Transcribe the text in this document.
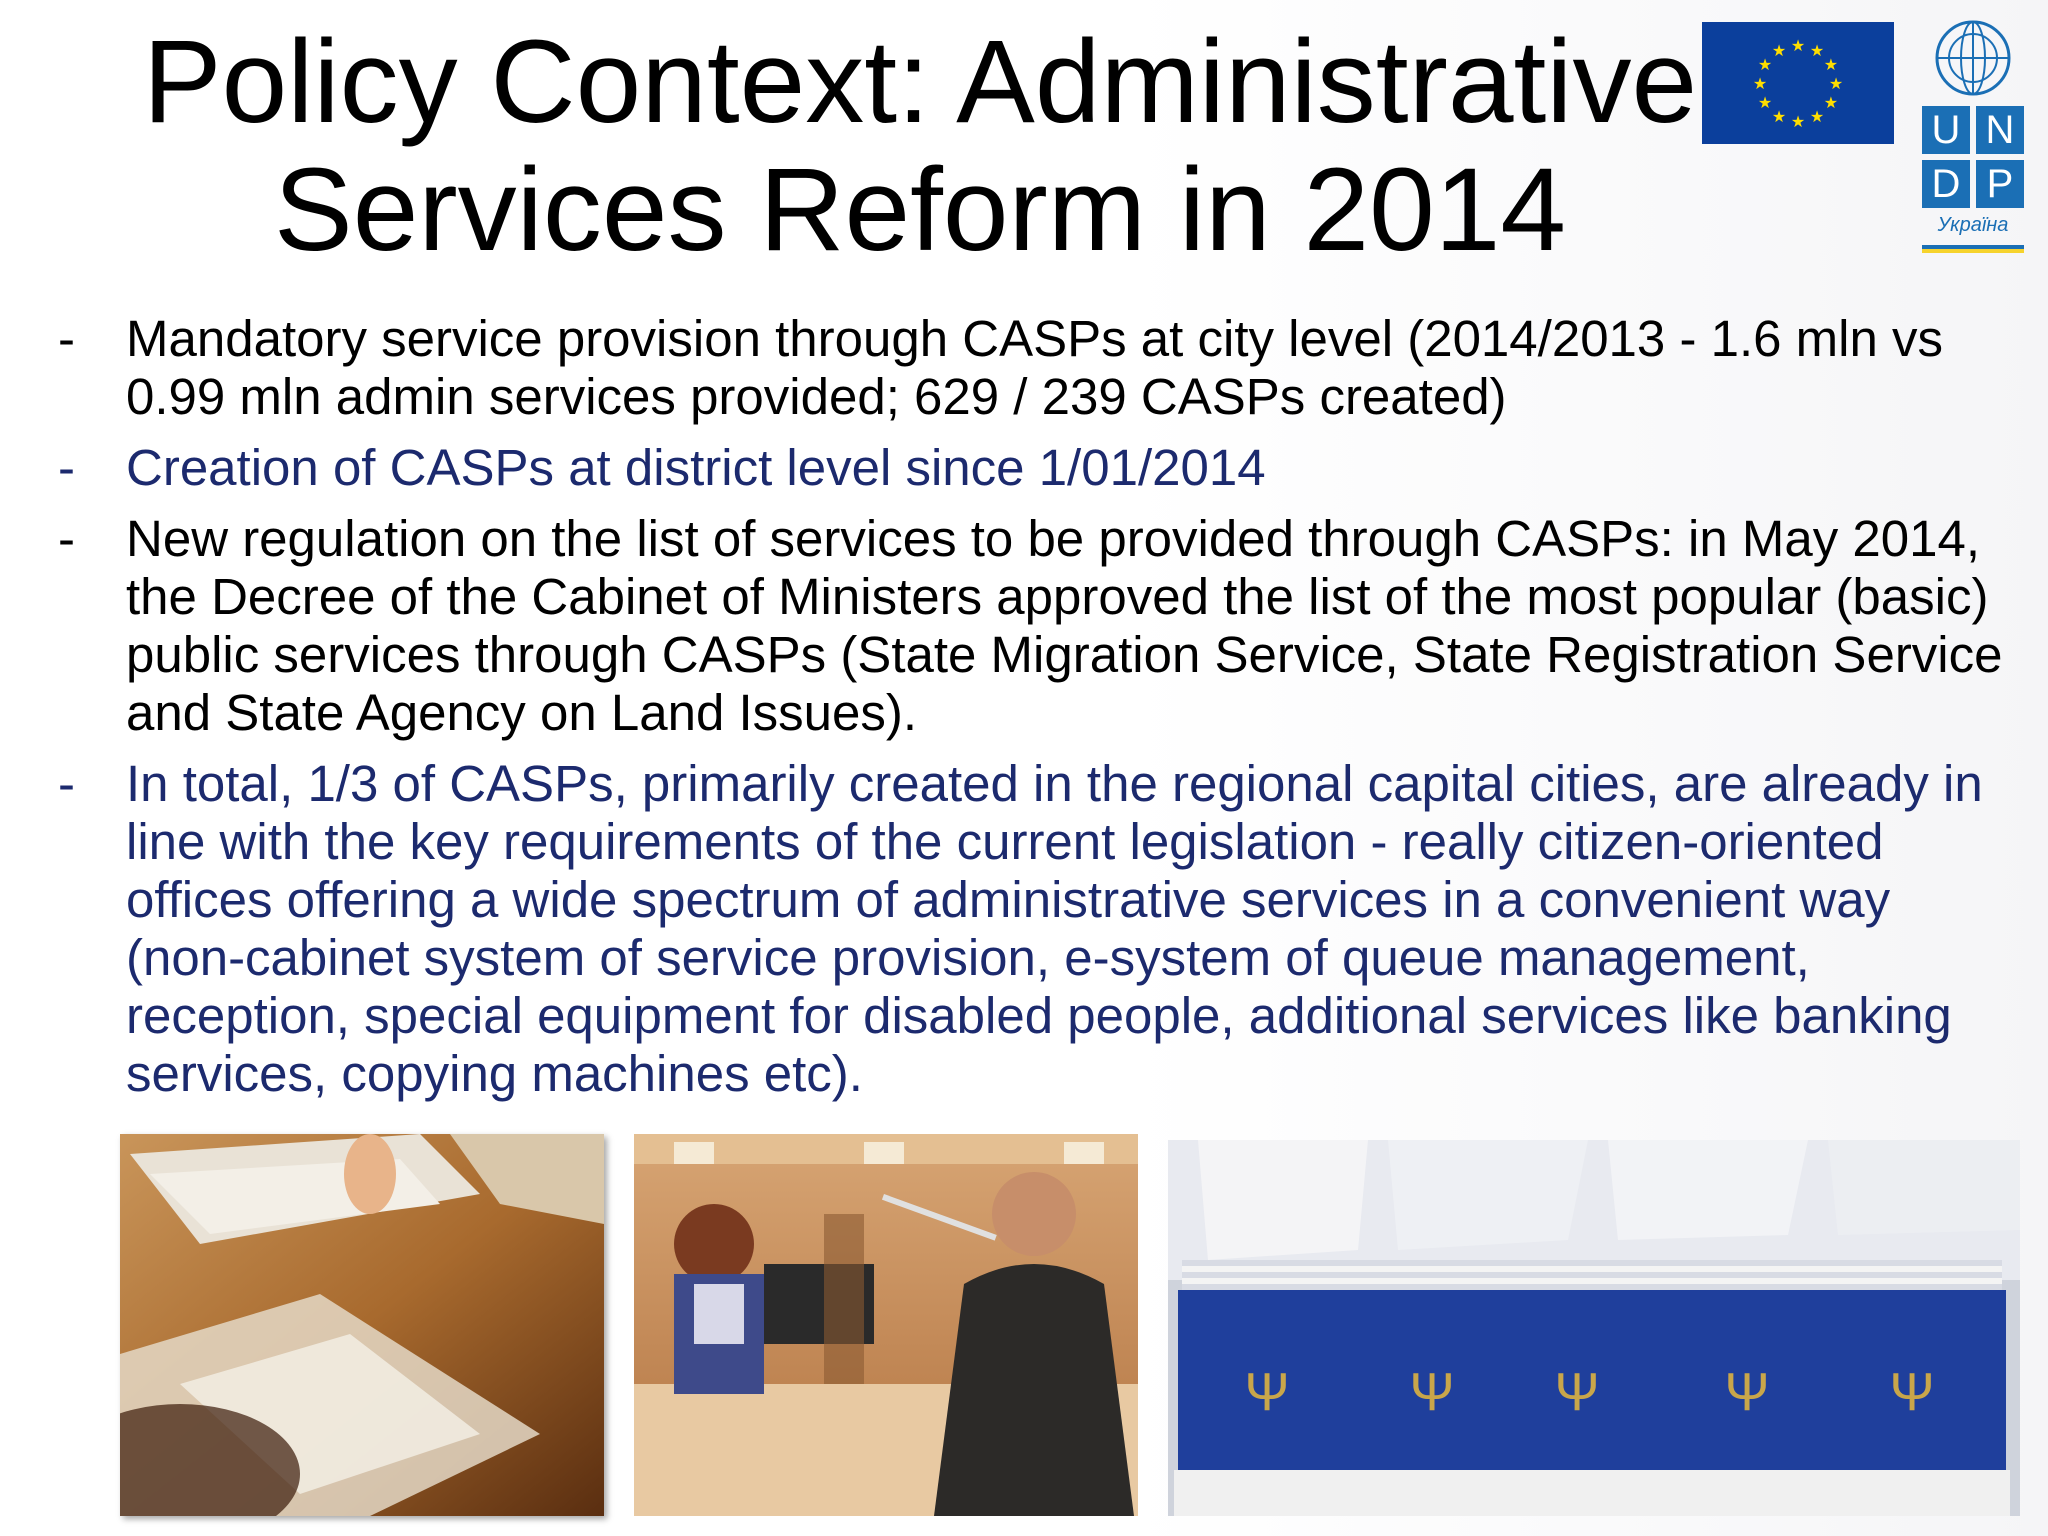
Policy Context: Administrative
Services Reform in 2014
★ ★
★
★
★
★
★
★
★
★
★
★
U N
D P
Україна
- Mandatory service provision through CASPs at city level (2014/2013 - 1.6 mln vs 0.99 mln admin services provided; 629 / 239 CASPs created)
- Creation of CASPs at district level since 1/01/2014
- New regulation on the list of services to be provided through CASPs: in May 2014, the Decree of the Cabinet of Ministers approved the list of the most popular (basic) public services through CASPs (State Migration Service, State Registration Service and State Agency on Land Issues).
- In total, 1/3 of CASPs, primarily created in the regional capital cities, are already in line with the key requirements of the current legislation - really citizen-oriented offices offering a wide spectrum of administrative services in a convenient way (non-cabinet system of service provision, e-system of queue management, reception, special equipment for disabled people, additional services like banking services, copying machines etc).
Ψ Ψ Ψ Ψ Ψ
